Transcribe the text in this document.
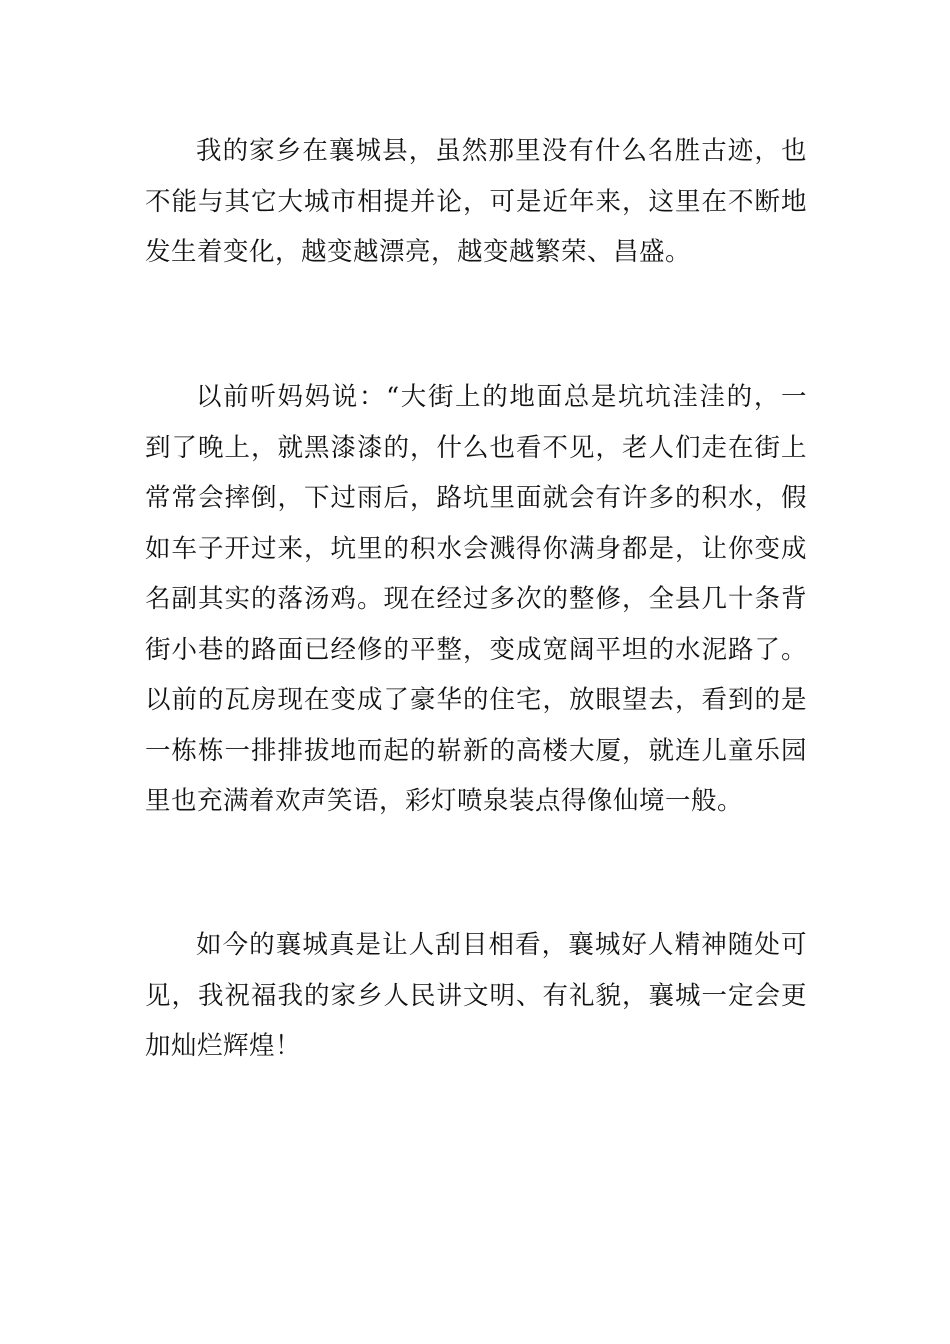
我的家乡在襄城县，虽然那里没有什么名胜古迹，也不能与其它大城市相提并论，可是近年来，这里在不断地发生着变化，越变越漂亮，越变越繁荣、昌盛。

以前听妈妈说：“大街上的地面总是坑坑洼洼的，一到了晚上，就黑漆漆的，什么也看不见，老人们走在街上常常会摔倒，下过雨后，路坑里面就会有许多的积水，假如车子开过来，坑里的积水会溅得你满身都是，让你变成名副其实的落汤鸡。现在经过多次的整修，全县几十条背街小巷的路面已经修的平整，变成宽阔平坦的水泥路了。以前的瓦房现在变成了豪华的住宅，放眼望去，看到的是一栋栋一排排拔地而起的崭新的高楼大厦，就连儿童乐园里也充满着欢声笑语，彩灯喷泉装点得像仙境一般。

如今的襄城真是让人刮目相看，襄城好人精神随处可见，我祝福我的家乡人民讲文明、有礼貌，襄城一定会更加灿烂辉煌！
